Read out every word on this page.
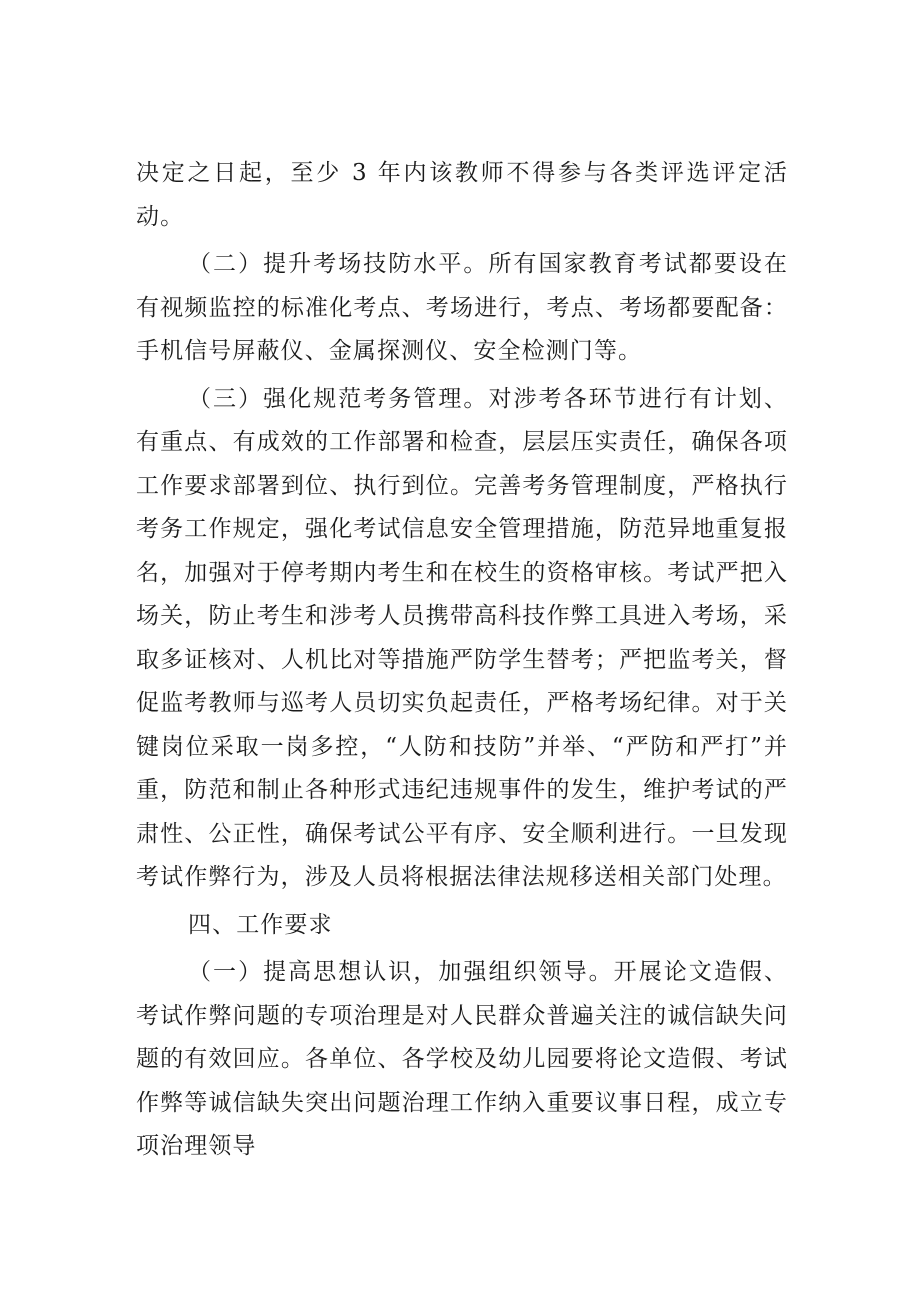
决定之日起，至少 3 年内该教师不得参与各类评选评定活动。

（二）提升考场技防水平。所有国家教育考试都要设在有视频监控的标准化考点、考场进行，考点、考场都要配备：手机信号屏蔽仪、金属探测仪、安全检测门等。

（三）强化规范考务管理。对涉考各环节进行有计划、有重点、有成效的工作部署和检查，层层压实责任，确保各项工作要求部署到位、执行到位。完善考务管理制度，严格执行考务工作规定，强化考试信息安全管理措施，防范异地重复报名，加强对于停考期内考生和在校生的资格审核。考试严把入场关，防止考生和涉考人员携带高科技作弊工具进入考场，采取多证核对、人机比对等措施严防学生替考；严把监考关，督促监考教师与巡考人员切实负起责任，严格考场纪律。对于关键岗位采取一岗多控，“人防和技防”并举、“严防和严打”并重，防范和制止各种形式违纪违规事件的发生，维护考试的严肃性、公正性，确保考试公平有序、安全顺利进行。一旦发现考试作弊行为，涉及人员将根据法律法规移送相关部门处理。

四、工作要求

（一）提高思想认识，加强组织领导。开展论文造假、考试作弊问题的专项治理是对人民群众普遍关注的诚信缺失问题的有效回应。各单位、各学校及幼儿园要将论文造假、考试作弊等诚信缺失突出问题治理工作纳入重要议事日程，成立专项治理领导
